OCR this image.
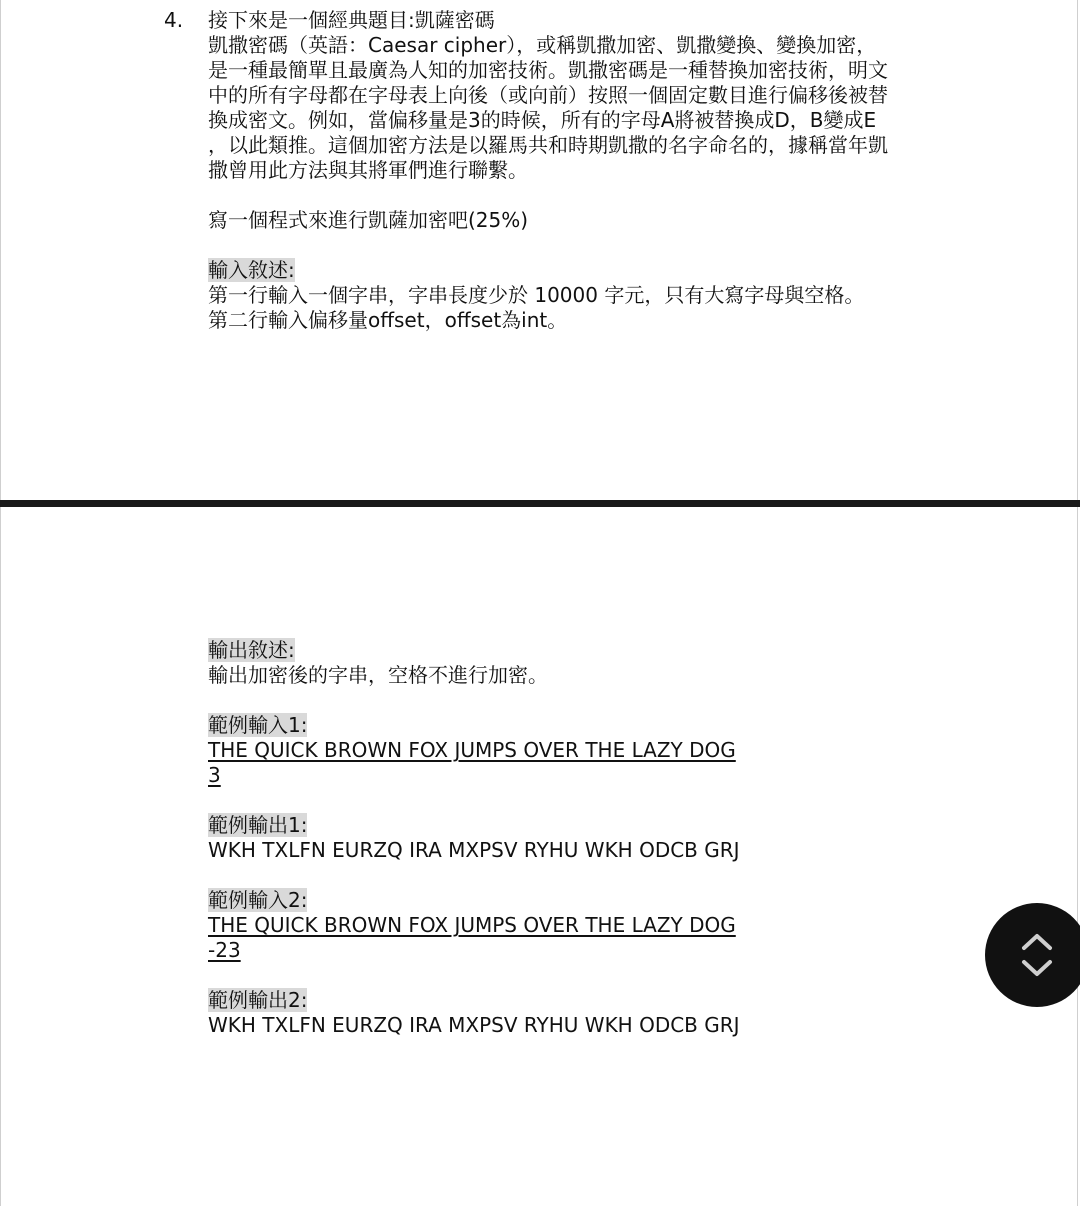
4. 接下來是一個經典題目:凱薩密碼
凱撒密碼（英語：Caesar cipher），或稱凱撒加密、凱撒變換、變換加密，
是一種最簡單且最廣為人知的加密技術。凱撒密碼是一種替換加密技術，明文
中的所有字母都在字母表上向後（或向前）按照一個固定數目進行偏移後被替
換成密文。例如，當偏移量是3的時候，所有的字母A將被替換成D，B變成E
，以此類推。這個加密方法是以羅馬共和時期凱撒的名字命名的，據稱當年凱
撒曾用此方法與其將軍們進行聯繫。
寫一個程式來進行凱薩加密吧(25%)
輸入敘述:
第一行輸入一個字串，字串長度少於 10000 字元，只有大寫字母與空格。
第二行輸入偏移量offset，offset為int。
輸出敘述:
輸出加密後的字串，空格不進行加密。
範例輸入1:
THE QUICK BROWN FOX JUMPS OVER THE LAZY DOG
3
範例輸出1:
WKH TXLFN EURZQ IRA MXPSV RYHU WKH ODCB GRJ
範例輸入2:
THE QUICK BROWN FOX JUMPS OVER THE LAZY DOG
-23
範例輸出2:
WKH TXLFN EURZQ IRA MXPSV RYHU WKH ODCB GRJ
